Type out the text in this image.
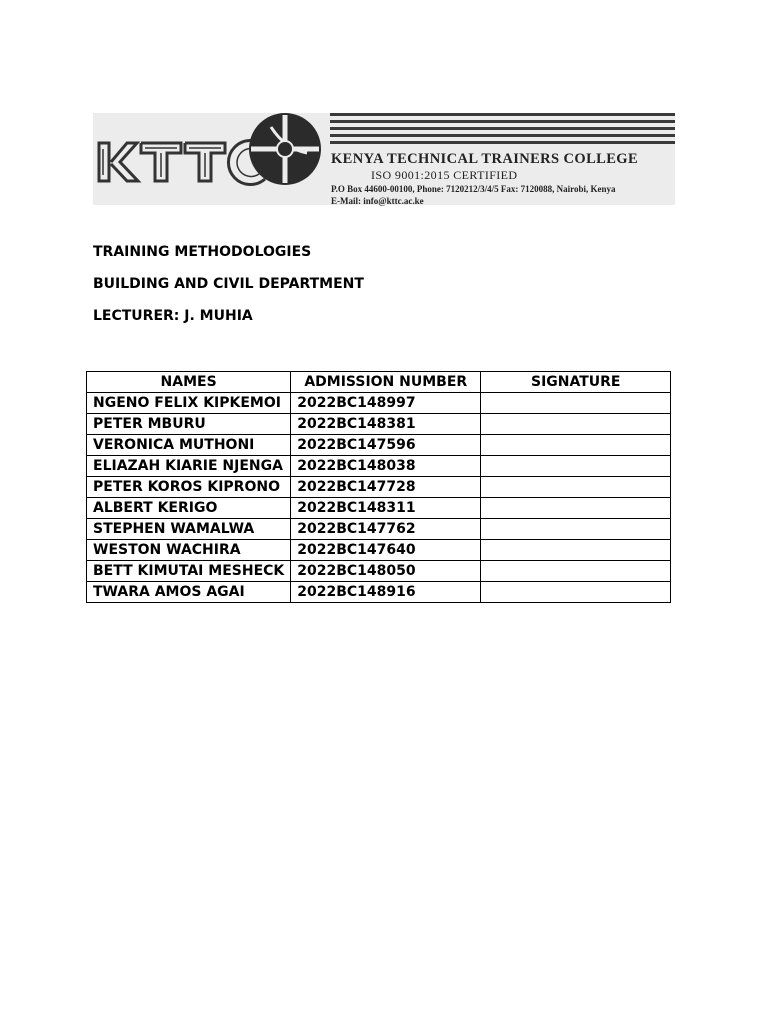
KENYA TECHNICAL TRAINERS COLLEGE
ISO 9001:2015 CERTIFIED
P.O Box 44600-00100, Phone: 7120212/3/4/5 Fax: 7120088, Nairobi, Kenya
E-Mail: info@kttc.ac.ke
TRAINING METHODOLOGIES
BUILDING AND CIVIL DEPARTMENT
LECTURER: J. MUHIA
NAMES	ADMISSION NUMBER	SIGNATURE
NGENO FELIX KIPKEMOI	2022BC148997	
PETER MBURU	2022BC148381	
VERONICA MUTHONI	2022BC147596	
ELIAZAH KIARIE NJENGA	2022BC148038	
PETER KOROS KIPRONO	2022BC147728	
ALBERT KERIGO	2022BC148311	
STEPHEN WAMALWA	2022BC147762	
WESTON WACHIRA	2022BC147640	
BETT KIMUTAI MESHECK	2022BC148050	
TWARA AMOS AGAI	2022BC148916	
